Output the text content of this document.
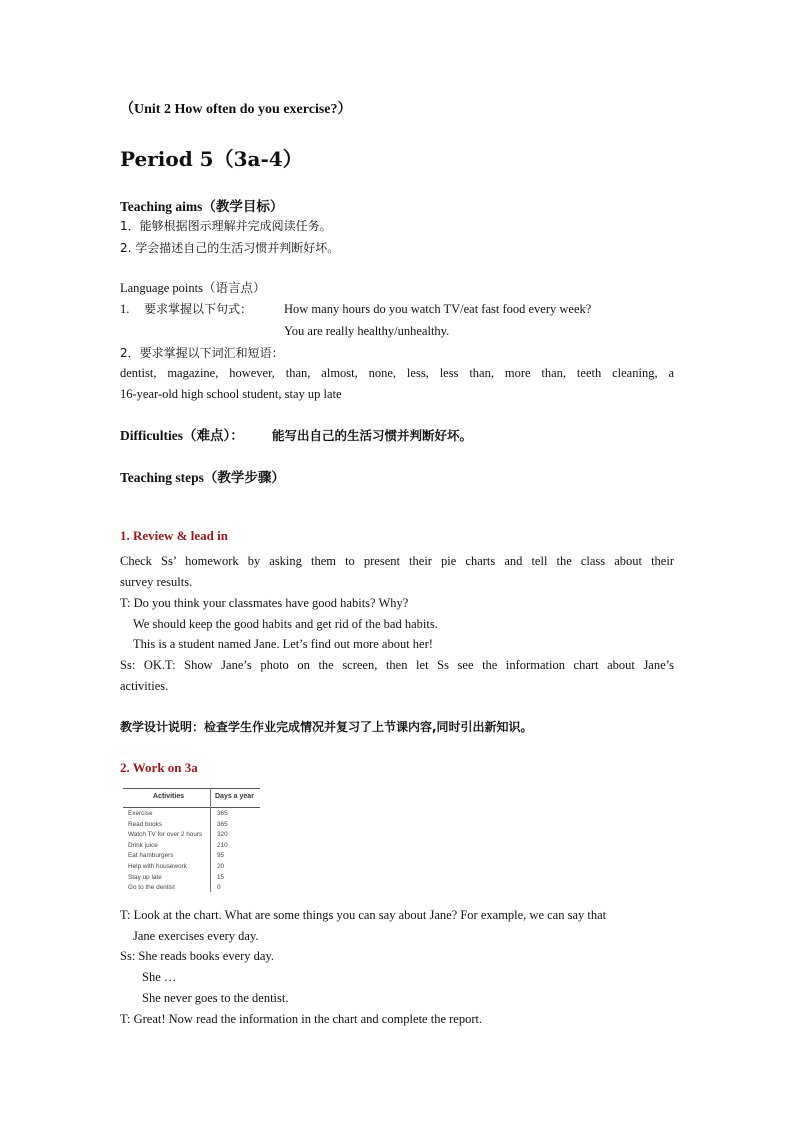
（Unit 2 How often do you exercise?）
Period 5（3a-4）
Teaching aims（教学目标）
1．能够根据图示理解并完成阅读任务。
2. 学会描述自己的生活习惯并判断好坏。
Language points（语言点）
1. 要求掌握以下句式：	How many hours do you watch TV/eat fast food every week?
You are really healthy/unhealthy.
2．要求掌握以下词汇和短语：
dentist, magazine, however, than, almost, none, less, less than, more than, teeth cleaning, a
16-year-old high school student, stay up late
Difficulties（难点）： 能写出自己的生活习惯并判断好坏。
Teaching steps（教学步骤）
1. Review & lead in
Check Ss’ homework by asking them to present their pie charts and tell the class about their
survey results.
T: Do you think your classmates have good habits? Why?
We should keep the good habits and get rid of the bad habits.
This is a student named Jane. Let’s find out more about her!
Ss: OK.T: Show Jane’s photo on the screen, then let Ss see the information chart about Jane’s
activities.
教学设计说明：检查学生作业完成情况并复习了上节课内容,同时引出新知识。
2. Work on 3a
Activities	Days a year
Exercise	365
Read books	365
Watch TV for over 2 hours 320
Drink juice	210
Eat hamburgers	95
Help with housework	20
Stay up late	15
Go to the dentist	0
T: Look at the chart. What are some things you can say about Jane? For example, we can say that
Jane exercises every day.
Ss: She reads books every day.
She …
She never goes to the dentist.
T: Great! Now read the information in the chart and complete the report.
